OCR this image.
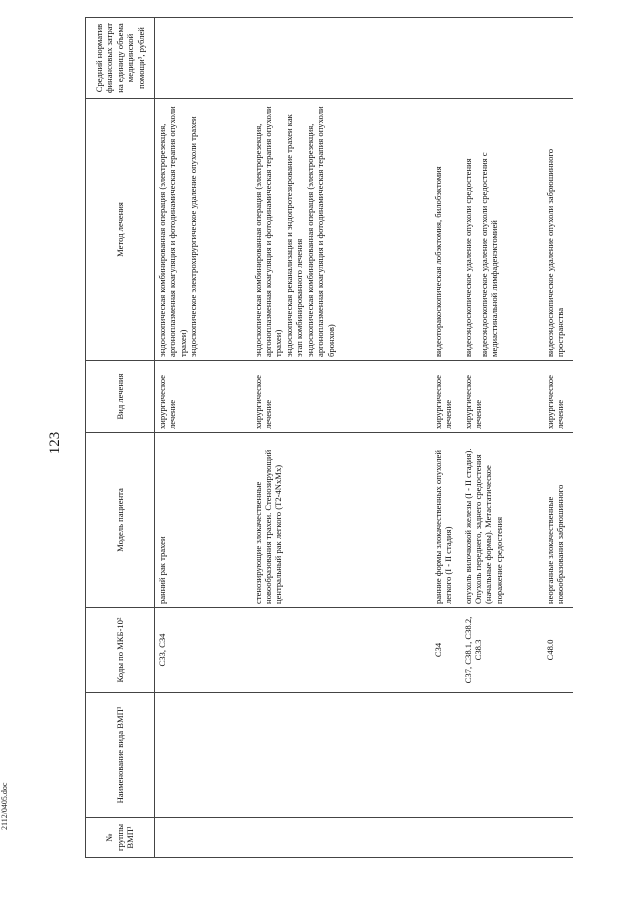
123
2112/0405.doc
№ группы ВМП¹	Наименование вида ВМП¹	Коды по МКБ-10²	Модель пациента	Вид лечения	Метод лечения	Средний норматив финансовых затрат на единицу объема медицинской помощи³, рублей
		С33, С34	ранний рак трахеи	хирургическое лечение	эндоскопическая комбинированная операция (электрорезекция, аргоноплазменная коагуляция и фотодинамическая терапия опухоли трахеи) эндоскопическое электрохирургическое удаление опухоли трахеи	

			стенозирующие злокачественные новообразования трахеи. Стенозирующий центральный рак легкого (T2-4NxMx)	хирургическое лечение	эндоскопическая комбинированная операция (электрорезекция, аргоноплазменная коагуляция и фотодинамическая терапия опухоли трахеи) эндоскопическая реканализация и эндопротезирование трахеи как этап комбинированного лечения эндоскопическая комбинированная операция (электрорезекция, аргоноплазменная коагуляция и фотодинамическая терапия опухоли бронхов)	

		С34	ранние формы злокачественных опухолей легкого (I - II стадия)	хирургическое лечение	видеоторакоскопическая лобэктомия, билобэктомия	

		С37, С38.1, С38.2, С38.3	опухоль вилочковой железы (I - II стадия). Опухоль переднего, заднего средостения (начальные формы). Метастатическое поражение средостения	хирургическое лечение	видеоэндоскопическое удаление опухоли средостения видеоэндоскопическое удаление опухоли средостения с медиастинальной лимфаденэктомией	

		С48.0	неорганные злокачественные новообразования забрюшинного	хирургическое лечение	видеоэндоскопическое удаление опухоли забрюшинного пространства	
